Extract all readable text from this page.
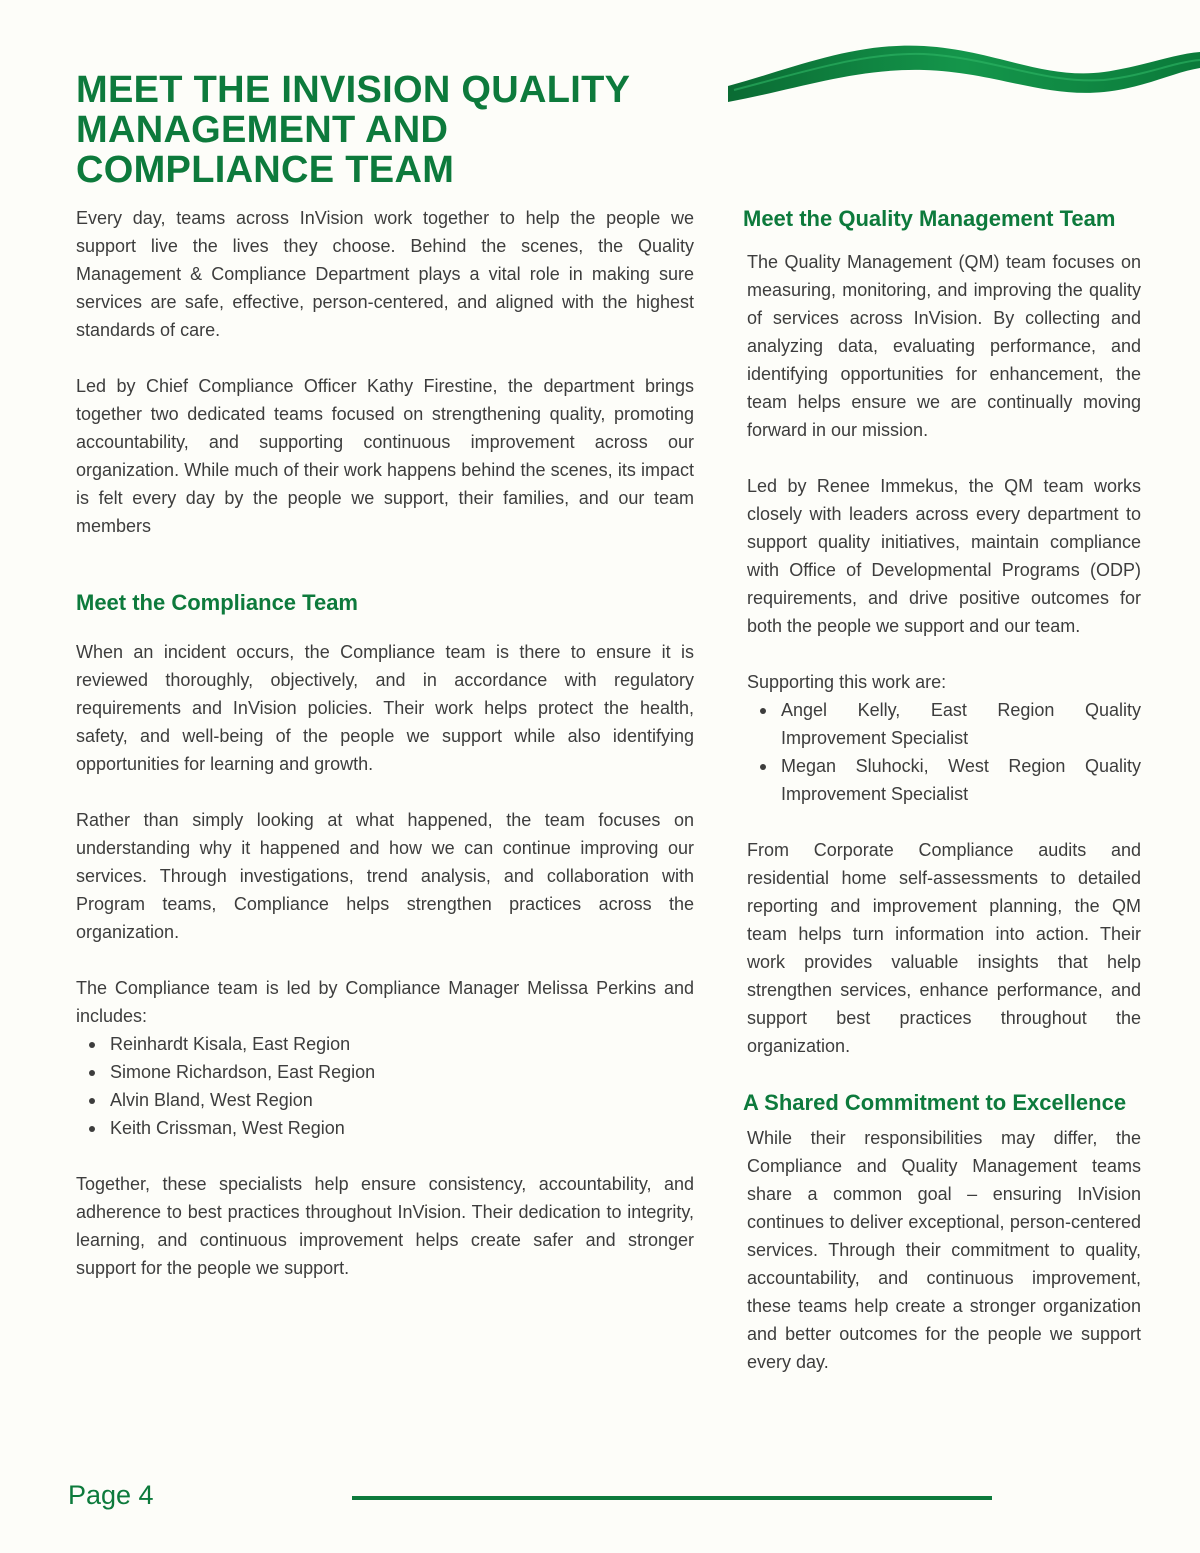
MEET THE INVISION QUALITY MANAGEMENT AND COMPLIANCE TEAM

Every day, teams across InVision work together to help the people we support live the lives they choose. Behind the scenes, the Quality Management & Compliance Department plays a vital role in making sure services are safe, effective, person-centered, and aligned with the highest standards of care.

Led by Chief Compliance Officer Kathy Firestine, the department brings together two dedicated teams focused on strengthening quality, promoting accountability, and supporting continuous improvement across our organization. While much of their work happens behind the scenes, its impact is felt every day by the people we support, their families, and our team members

Meet the Compliance Team

When an incident occurs, the Compliance team is there to ensure it is reviewed thoroughly, objectively, and in accordance with regulatory requirements and InVision policies. Their work helps protect the health, safety, and well-being of the people we support while also identifying opportunities for learning and growth.

Rather than simply looking at what happened, the team focuses on understanding why it happened and how we can continue improving our services. Through investigations, trend analysis, and collaboration with Program teams, Compliance helps strengthen practices across the organization.

The Compliance team is led by Compliance Manager Melissa Perkins and includes:

Reinhardt Kisala, East Region
Simone Richardson, East Region
Alvin Bland, West Region
Keith Crissman, West Region

Together, these specialists help ensure consistency, accountability, and adherence to best practices throughout InVision. Their dedication to integrity, learning, and continuous improvement helps create safer and stronger support for the people we support.

Meet the Quality Management Team

The Quality Management (QM) team focuses on measuring, monitoring, and improving the quality of services across InVision. By collecting and analyzing data, evaluating performance, and identifying opportunities for enhancement, the team helps ensure we are continually moving forward in our mission.

Led by Renee Immekus, the QM team works closely with leaders across every department to support quality initiatives, maintain compliance with Office of Developmental Programs (ODP) requirements, and drive positive outcomes for both the people we support and our team.

Supporting this work are:

Angel Kelly, East Region Quality Improvement Specialist
Megan Sluhocki, West Region Quality Improvement Specialist

From Corporate Compliance audits and residential home self-assessments to detailed reporting and improvement planning, the QM team helps turn information into action. Their work provides valuable insights that help strengthen services, enhance performance, and support best practices throughout the organization.

A Shared Commitment to Excellence

While their responsibilities may differ, the Compliance and Quality Management teams share a common goal – ensuring InVision continues to deliver exceptional, person-centered services. Through their commitment to quality, accountability, and continuous improvement, these teams help create a stronger organization and better outcomes for the people we support every day.

Page 4
